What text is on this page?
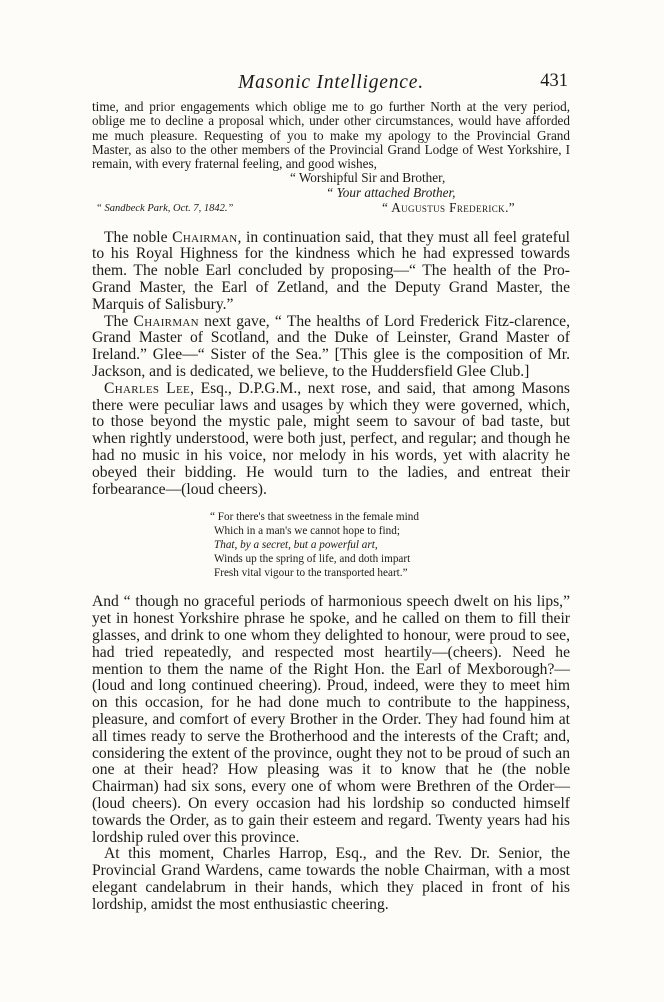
Masonic Intelligence.	431

time, and prior engagements which oblige me to go further North at the very period, oblige me to decline a proposal which, under other circumstances, would have afforded me much pleasure. Requesting of you to make my apology to the Provincial Grand Master, as also to the other members of the Provincial Grand Lodge of West Yorkshire, I remain, with every fraternal feeling, and good wishes,

“ Worshipful Sir and Brother,
“ Your attached Brother,
“ Sandbeck Park, Oct. 7, 1842.”	“ Augustus Frederick.”

The noble Chairman, in continuation said, that they must all feel grateful to his Royal Highness for the kindness which he had expressed towards them. The noble Earl concluded by proposing—“ The health of the Pro-Grand Master, the Earl of Zetland, and the Deputy Grand Master, the Marquis of Salisbury.”

The Chairman next gave, “ The healths of Lord Frederick Fitz-clarence, Grand Master of Scotland, and the Duke of Leinster, Grand Master of Ireland.” Glee—“ Sister of the Sea.” [This glee is the composition of Mr. Jackson, and is dedicated, we believe, to the Huddersfield Glee Club.]

Charles Lee, Esq., D.P.G.M., next rose, and said, that among Masons there were peculiar laws and usages by which they were governed, which, to those beyond the mystic pale, might seem to savour of bad taste, but when rightly understood, were both just, perfect, and regular; and though he had no music in his voice, nor melody in his words, yet with alacrity he obeyed their bidding. He would turn to the ladies, and entreat their forbearance—(loud cheers).

“ For there's that sweetness in the female mind
Which in a man's we cannot hope to find;
That, by a secret, but a powerful art,
Winds up the spring of life, and doth impart
Fresh vital vigour to the transported heart.”

And “ though no graceful periods of harmonious speech dwelt on his lips,” yet in honest Yorkshire phrase he spoke, and he called on them to fill their glasses, and drink to one whom they delighted to honour, were proud to see, had tried repeatedly, and respected most heartily—(cheers). Need he mention to them the name of the Right Hon. the Earl of Mexborough?—(loud and long continued cheering). Proud, indeed, were they to meet him on this occasion, for he had done much to contribute to the happiness, pleasure, and comfort of every Brother in the Order. They had found him at all times ready to serve the Brotherhood and the interests of the Craft; and, considering the extent of the province, ought they not to be proud of such an one at their head? How pleasing was it to know that he (the noble Chairman) had six sons, every one of whom were Brethren of the Order—(loud cheers). On every occasion had his lordship so conducted himself towards the Order, as to gain their esteem and regard. Twenty years had his lordship ruled over this province.

At this moment, Charles Harrop, Esq., and the Rev. Dr. Senior, the Provincial Grand Wardens, came towards the noble Chairman, with a most elegant candelabrum in their hands, which they placed in front of his lordship, amidst the most enthusiastic cheering.
